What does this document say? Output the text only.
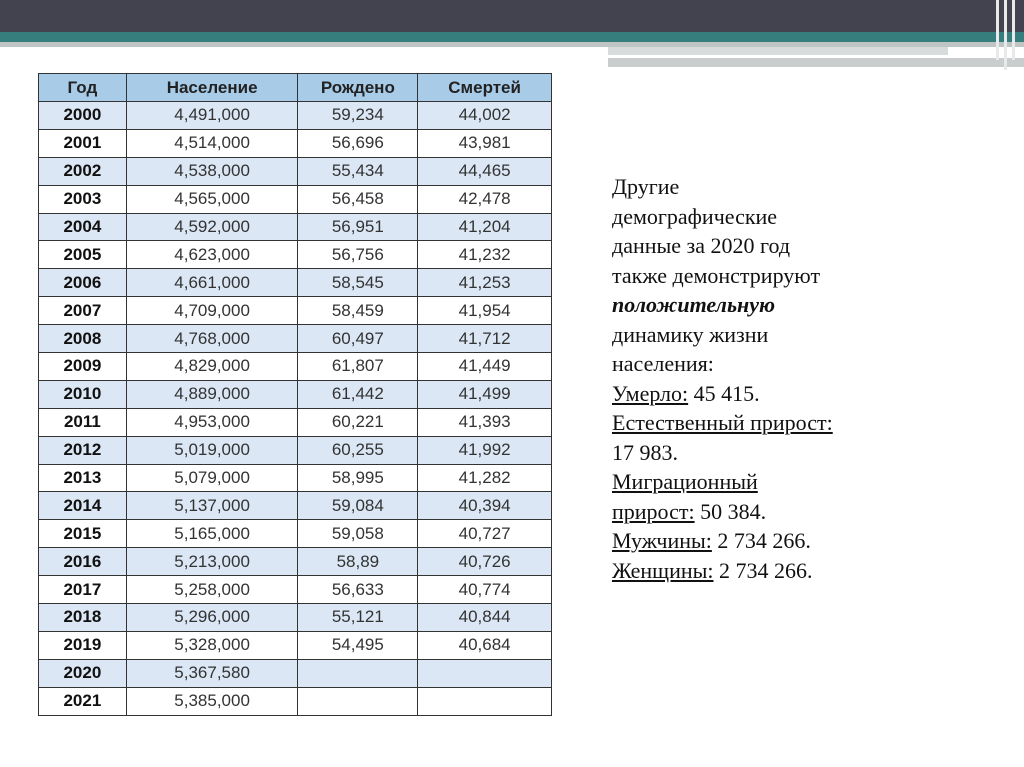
Год	Население	Рождено	Смертей
2000	4,491,000	59,234	44,002
2001	4,514,000	56,696	43,981
2002	4,538,000	55,434	44,465
2003	4,565,000	56,458	42,478
2004	4,592,000	56,951	41,204
2005	4,623,000	56,756	41,232
2006	4,661,000	58,545	41,253
2007	4,709,000	58,459	41,954
2008	4,768,000	60,497	41,712
2009	4,829,000	61,807	41,449
2010	4,889,000	61,442	41,499
2011	4,953,000	60,221	41,393
2012	5,019,000	60,255	41,992
2013	5,079,000	58,995	41,282
2014	5,137,000	59,084	40,394
2015	5,165,000	59,058	40,727
2016	5,213,000	58,89	40,726
2017	5,258,000	56,633	40,774
2018	5,296,000	55,121	40,844
2019	5,328,000	54,495	40,684
2020	5,367,580		
2021	5,385,000		
Другие
демографические
данные за 2020 год
также демонстрируют
положительную
динамику жизни
населения:
Умерло: 45 415.
Естественный прирост:
17 983.
Миграционный
прирост: 50 384.
Мужчины: 2 734 266.
Женщины: 2 734 266.
